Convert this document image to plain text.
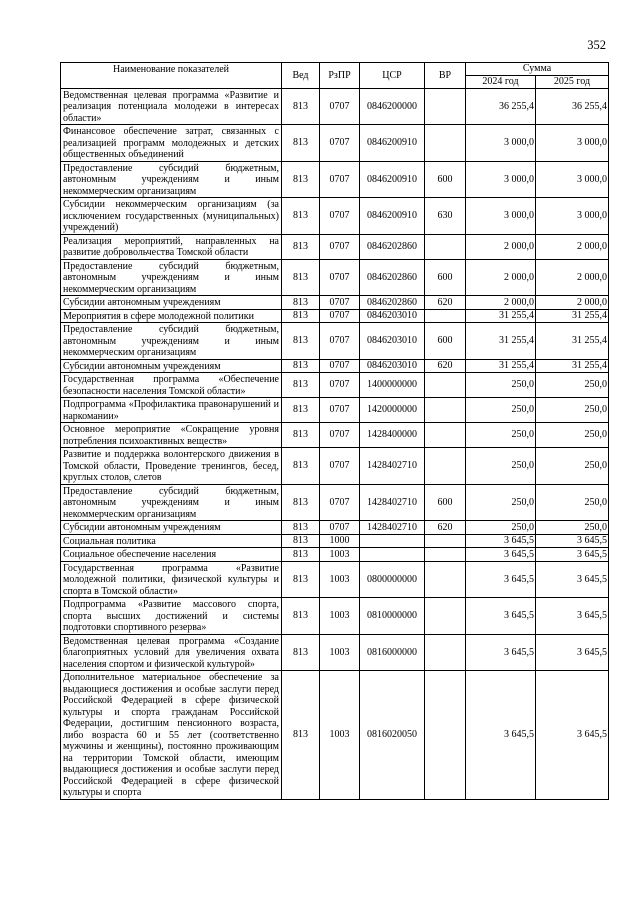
352
Наименование показателей	Вед	РзПР	ЦСР	ВР	Сумма	
					2024 год	2025 год
Ведомственная целевая программа «Развитие и реализация потенциала молодежи в интересах области»	813	0707	0846200000		36 255,4	36 255,4
Финансовое обеспечение затрат, связанных с реализацией программ молодежных и детских общественных объединений	813	0707	0846200910		3 000,0	3 000,0
Предоставление субсидий бюджетным, автономным учреждениям и иным некоммерческим организациям	813	0707	0846200910	600	3 000,0	3 000,0
Субсидии некоммерческим организациям (за исключением государственных (муниципальных) учреждений)	813	0707	0846200910	630	3 000,0	3 000,0
Реализация мероприятий, направленных на развитие добровольчества Томской области	813	0707	0846202860		2 000,0	2 000,0
Предоставление субсидий бюджетным, автономным учреждениям и иным некоммерческим организациям	813	0707	0846202860	600	2 000,0	2 000,0
Субсидии автономным учреждениям	813	0707	0846202860	620	2 000,0	2 000,0
Мероприятия в сфере молодежной политики	813	0707	0846203010		31 255,4	31 255,4
Предоставление субсидий бюджетным, автономным учреждениям и иным некоммерческим организациям	813	0707	0846203010	600	31 255,4	31 255,4
Субсидии автономным учреждениям	813	0707	0846203010	620	31 255,4	31 255,4
Государственная программа «Обеспечение безопасности населения Томской области»	813	0707	1400000000		250,0	250,0
Подпрограмма «Профилактика правонарушений и наркомании»	813	0707	1420000000		250,0	250,0
Основное мероприятие «Сокращение уровня потребления психоактивных веществ»	813	0707	1428400000		250,0	250,0
Развитие и поддержка волонтерского движения в Томской области, Проведение тренингов, бесед, круглых столов, слетов	813	0707	1428402710		250,0	250,0
Предоставление субсидий бюджетным, автономным учреждениям и иным некоммерческим организациям	813	0707	1428402710	600	250,0	250,0
Субсидии автономным учреждениям	813	0707	1428402710	620	250,0	250,0
Социальная политика	813	1000			3 645,5	3 645,5
Социальное обеспечение населения	813	1003			3 645,5	3 645,5
Государственная программа «Развитие молодежной политики, физической культуры и спорта в Томской области»	813	1003	0800000000		3 645,5	3 645,5
Подпрограмма «Развитие массового спорта, спорта высших достижений и системы подготовки спортивного резерва»	813	1003	0810000000		3 645,5	3 645,5
Ведомственная целевая программа «Создание благоприятных условий для увеличения охвата населения спортом и физической культурой»	813	1003	0816000000		3 645,5	3 645,5
Дополнительное материальное обеспечение за выдающиеся достижения и особые заслуги перед Российской Федерацией в сфере физической культуры и спорта гражданам Российской Федерации, достигшим пенсионного возраста, либо возраста 60 и 55 лет (соответственно мужчины и женщины), постоянно проживающим на территории Томской области, имеющим выдающиеся достижения и особые заслуги перед Российской Федерацией в сфере физической культуры и спорта	813	1003	0816020050		3 645,5	3 645,5
